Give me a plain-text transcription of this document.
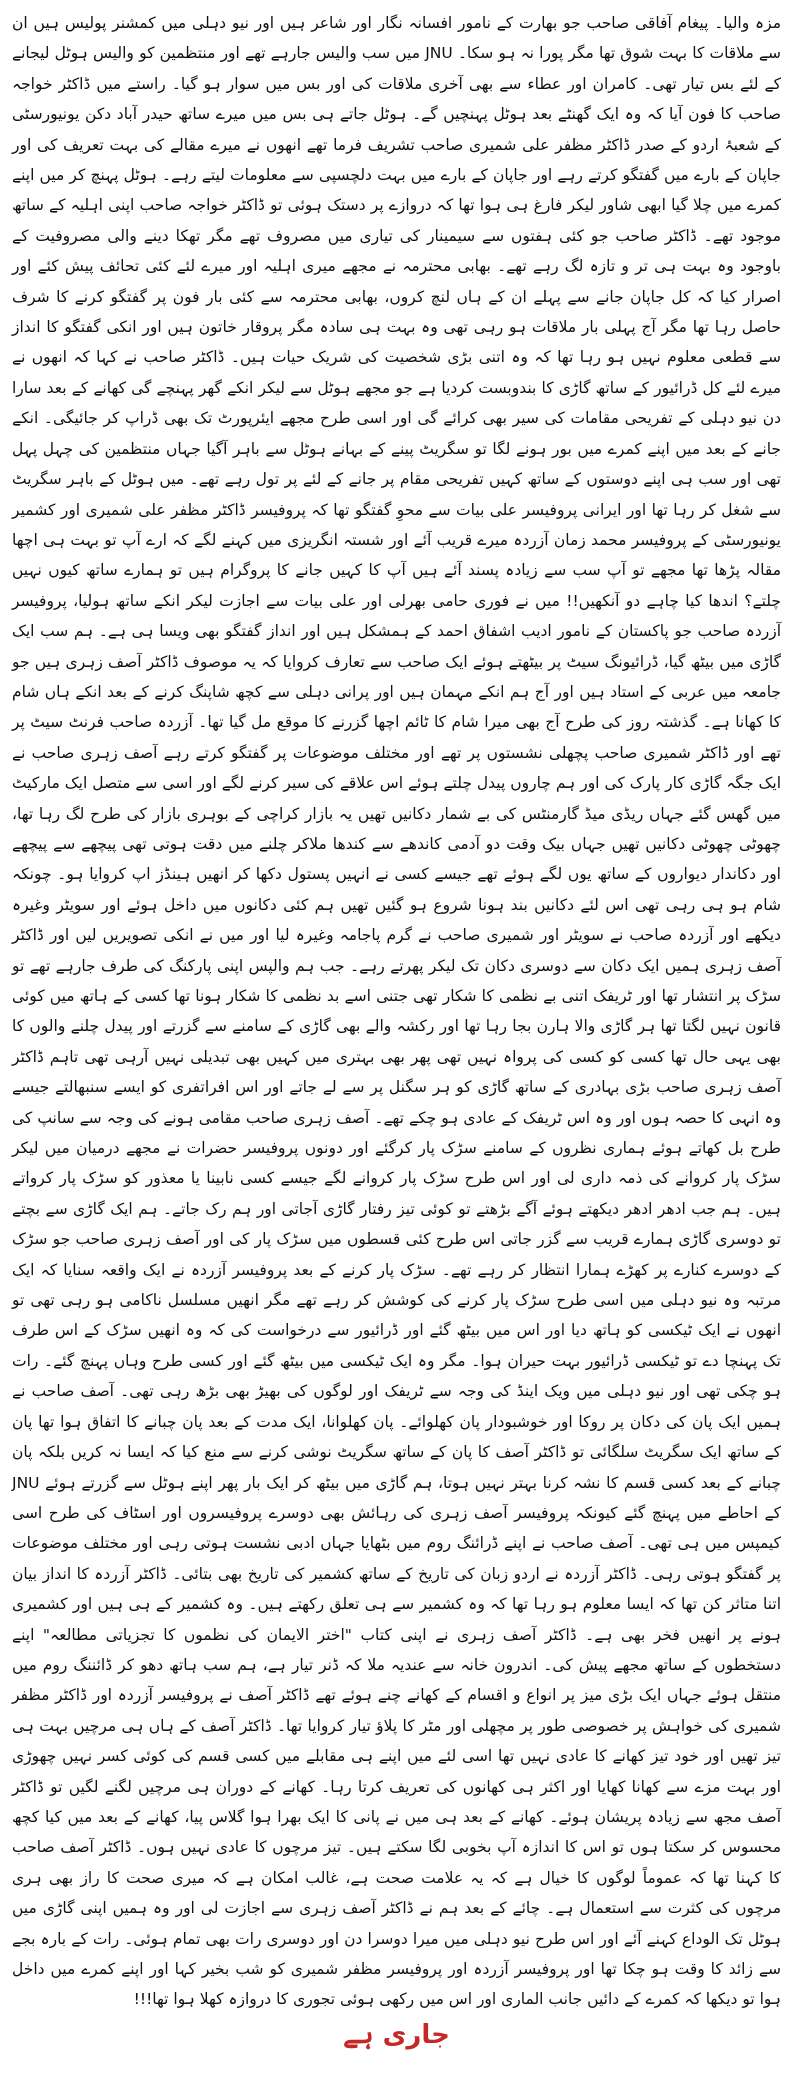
مزہ والیا۔ پیغام آفاقی صاحب جو بھارت کے نامور افسانہ نگار اور شاعر ہیں اور نیو دہلی میں کمشنر پولیس ہیں ان سے ملاقات کا بہت شوق تھا مگر پورا نہ ہو سکا۔ JNU میں سب والیس جارہے تھے اور منتظمین کو والیس ہوٹل لیجانے کے لئے بس تیار تھی۔ کامران اور عطاء سے بھی آخری ملاقات کی اور بس میں سوار ہو گیا۔ راستے میں ڈاکٹر خواجہ صاحب کا فون آیا کہ وہ ایک گھنٹے بعد ہوٹل پہنچیں گے۔ ہوٹل جاتے ہی بس میں میرے ساتھ حیدر آباد دکن یونیورسٹی کے شعبۂ اردو کے صدر ڈاکٹر مظفر علی شمیری صاحب تشریف فرما تھے انھوں نے میرے مقالے کی بہت تعریف کی اور جاپان کے بارے میں گفتگو کرتے رہے اور جاپان کے بارے میں بہت دلچسپی سے معلومات لیتے رہے۔ ہوٹل پہنچ کر میں اپنے کمرے میں چلا گیا ابھی شاور لیکر فارغ ہی ہوا تھا کہ دروازے پر دستک ہوئی تو ڈاکٹر خواجہ صاحب اپنی اہلیہ کے ساتھ موجود تھے۔ ڈاکٹر صاحب جو کئی ہفتوں سے سیمینار کی تیاری میں مصروف تھے مگر تھکا دینے والی مصروفیت کے باوجود وہ بہت ہی تر و تازہ لگ رہے تھے۔ بھابی محترمہ نے مجھے میری اہلیہ اور میرے لئے کئی تحائف پیش کئے اور اصرار کیا کہ کل جاپان جانے سے پہلے ان کے ہاں لنچ کروں، بھابی محترمہ سے کئی بار فون پر گفتگو کرنے کا شرف حاصل رہا تھا مگر آج پہلی بار ملاقات ہو رہی تھی وہ بہت ہی سادہ مگر پروقار خاتون ہیں اور انکی گفتگو کا انداز سے قطعی معلوم نہیں ہو رہا تھا کہ وہ اتنی بڑی شخصیت کی شریک حیات ہیں۔ ڈاکٹر صاحب نے کہا کہ انھوں نے میرے لئے کل ڈرائیور کے ساتھ گاڑی کا بندوبست کردیا ہے جو مجھے ہوٹل سے لیکر انکے گھر پہنچے گی کھانے کے بعد سارا دن نیو دہلی کے تفریحی مقامات کی سیر بھی کرائے گی اور اسی طرح مجھے ایئرپورٹ تک بھی ڈراپ کر جائیگی۔ انکے جانے کے بعد میں اپنے کمرے میں بور ہونے لگا تو سگریٹ پینے کے بہانے ہوٹل سے باہر آگیا جہاں منتظمین کی چہل پہل تھی اور سب ہی اپنے دوستوں کے ساتھ کہیں تفریحی مقام پر جانے کے لئے پر تول رہے تھے۔ میں ہوٹل کے باہر سگریٹ سے شغل کر رہا تھا اور ایرانی پروفیسر علی بیات سے محوِ گفتگو تھا کہ پروفیسر ڈاکٹر مظفر علی شمیری اور کشمیر یونیورسٹی کے پروفیسر محمد زمان آزردہ میرے قریب آئے اور شستہ انگریزی میں کہنے لگے کہ ارے آپ تو بہت ہی اچھا مقالہ پڑھا تھا مجھے تو آپ سب سے زیادہ پسند آئے ہیں آپ کا کہیں جانے کا پروگرام ہیں تو ہمارے ساتھ کیوں نہیں چلتے؟ اندھا کیا چاہے دو آنکھیں!! میں نے فوری حامی بھرلی اور علی بیات سے اجازت لیکر انکے ساتھ ہولیا، پروفیسر آزردہ صاحب جو پاکستان کے نامور ادیب اشفاق احمد کے ہمشکل ہیں اور انداز گفتگو بھی ویسا ہی ہے۔ ہم سب ایک گاڑی میں بیٹھ گیا، ڈرائیونگ سیٹ پر بیٹھتے ہوئے ایک صاحب سے تعارف کروایا کہ یہ موصوف ڈاکٹر آصف زہری ہیں جو جامعہ میں عربی کے استاد ہیں اور آج ہم انکے مہمان ہیں اور پرانی دہلی سے کچھ شاپنگ کرنے کے بعد انکے ہاں شام کا کھانا ہے۔ گذشتہ روز کی طرح آج بھی میرا شام کا ٹائم اچھا گزرنے کا موقع مل گیا تھا۔ آزردہ صاحب فرنٹ سیٹ پر تھے اور ڈاکٹر شمیری صاحب پچھلی نشستوں پر تھے اور مختلف موضوعات پر گفتگو کرتے رہے آصف زہری صاحب نے ایک جگہ گاڑی کار پارک کی اور ہم چاروں پیدل چلتے ہوئے اس علاقے کی سیر کرنے لگے اور اسی سے متصل ایک مارکیٹ میں گھس گئے جہاں ریڈی میڈ گارمنٹس کی بے شمار دکانیں تھیں یہ بازار کراچی کے بوہری بازار کی طرح لگ رہا تھا، چھوٹی چھوٹی دکانیں تھیں جہاں بیک وقت دو آدمی کاندھے سے کندھا ملاکر چلنے میں دقت ہوتی تھی پیچھے سے پیچھے اور دکاندار دیواروں کے ساتھ یوں لگے ہوئے تھے جیسے کسی نے انہیں پستول دکھا کر انھیں ہینڈز اپ کروایا ہو۔ چونکہ شام ہو ہی رہی تھی اس لئے دکانیں بند ہونا شروع ہو گئیں تھیں ہم کئی دکانوں میں داخل ہوئے اور سویٹر وغیرہ دیکھے اور آزردہ صاحب نے سویٹر اور شمیری صاحب نے گرم پاجامہ وغیرہ لیا اور میں نے انکی تصویریں لیں اور ڈاکٹر آصف زہری ہمیں ایک دکان سے دوسری دکان تک لیکر پھرتے رہے۔ جب ہم والپس اپنی پارکنگ کی طرف جارہے تھے تو سڑک پر انتشار تھا اور ٹریفک اتنی بے نظمی کا شکار تھی جتنی اسے بد نظمی کا شکار ہونا تھا کسی کے ہاتھ میں کوئی قانون نہیں لگتا تھا ہر گاڑی والا ہارن بجا رہا تھا اور رکشہ والے بھی گاڑی کے سامنے سے گزرتے اور پیدل چلنے والوں کا بھی یہی حال تھا کسی کو کسی کی پرواہ نہیں تھی پھر بھی بہتری میں کہیں بھی تبدیلی نہیں آرہی تھی تاہم ڈاکٹر آصف زہری صاحب بڑی بہادری کے ساتھ گاڑی کو ہر سگنل پر سے لے جاتے اور اس افراتفری کو ایسے سنبھالتے جیسے وہ انہی کا حصہ ہوں اور وہ اس ٹریفک کے عادی ہو چکے تھے۔ آصف زہری صاحب مقامی ہونے کی وجہ سے سانپ کی طرح بل کھاتے ہوئے ہماری نظروں کے سامنے سڑک پار کرگئے اور دونوں پروفیسر حضرات نے مجھے درمیان میں لیکر سڑک پار کروانے کی ذمہ داری لی اور اس طرح سڑک پار کروانے لگے جیسے کسی نابینا یا معذور کو سڑک پار کرواتے ہیں۔ ہم جب ادھر ادھر دیکھتے ہوئے آگے بڑھتے تو کوئی تیز رفتار گاڑی آجاتی اور ہم رک جاتے۔ ہم ایک گاڑی سے بچتے تو دوسری گاڑی ہمارے قریب سے گزر جاتی اس طرح کئی قسطوں میں سڑک پار کی اور آصف زہری صاحب جو سڑک کے دوسرے کنارے پر کھڑے ہمارا انتظار کر رہے تھے۔ سڑک پار کرنے کے بعد پروفیسر آزردہ نے ایک واقعہ سنایا کہ ایک مرتبہ وہ نیو دہلی میں اسی طرح سڑک پار کرنے کی کوشش کر رہے تھے مگر انھیں مسلسل ناکامی ہو رہی تھی تو انھوں نے ایک ٹیکسی کو ہاتھ دیا اور اس میں بیٹھ گئے اور ڈرائیور سے درخواست کی کہ وہ انھیں سڑک کے اس طرف تک پہنچا دے تو ٹیکسی ڈرائیور بہت حیران ہوا۔ مگر وہ ایک ٹیکسی میں بیٹھ گئے اور کسی طرح وہاں پہنچ گئے۔ رات ہو چکی تھی اور نیو دہلی میں ویک اینڈ کی وجہ سے ٹریفک اور لوگوں کی بھیڑ بھی بڑھ رہی تھی۔ آصف صاحب نے ہمیں ایک پان کی دکان پر روکا اور خوشبودار پان کھلوائے۔ پان کھلوانا، ایک مدت کے بعد پان چبانے کا اتفاق ہوا تھا پان کے ساتھ ایک سگریٹ سلگائی تو ڈاکٹر آصف کا پان کے ساتھ سگریٹ نوشی کرنے سے منع کیا کہ ایسا نہ کریں بلکہ پان چبانے کے بعد کسی قسم کا نشہ کرنا بہتر نہیں ہوتا، ہم گاڑی میں بیٹھ کر ایک بار پھر اپنے ہوٹل سے گزرتے ہوئے JNU کے احاطے میں پہنچ گئے کیونکہ پروفیسر آصف زہری کی رہائش بھی دوسرے پروفیسروں اور اسٹاف کی طرح اسی کیمپس میں ہی تھی۔ آصف صاحب نے اپنے ڈرائنگ روم میں بٹھایا جہاں ادبی نشست ہوتی رہی اور مختلف موضوعات پر گفتگو ہوتی رہی۔ ڈاکٹر آزردہ نے اردو زبان کی تاریخ کے ساتھ کشمیر کی تاریخ بھی بتائی۔ ڈاکٹر آزردہ کا انداز بیان اتنا متاثر کن تھا کہ ایسا معلوم ہو رہا تھا کہ وہ کشمیر سے ہی تعلق رکھتے ہیں۔ وہ کشمیر کے ہی ہیں اور کشمیری ہونے پر انھیں فخر بھی ہے۔ ڈاکٹر آصف زہری نے اپنی کتاب "اختر الایمان کی نظموں کا تجزیاتی مطالعہ" اپنے دستخطوں کے ساتھ مجھے پیش کی۔ اندرون خانہ سے عندیہ ملا کہ ڈنر تیار ہے، ہم سب ہاتھ دھو کر ڈائننگ روم میں منتقل ہوئے جہاں ایک بڑی میز پر انواع و اقسام کے کھانے چنے ہوئے تھے ڈاکٹر آصف نے پروفیسر آزردہ اور ڈاکٹر مظفر شمیری کی خواہش پر خصوصی طور پر مچھلی اور مٹر کا پلاؤ تیار کروایا تھا۔ ڈاکٹر آصف کے ہاں ہی مرچیں بہت ہی تیز تھیں اور خود تیز کھانے کا عادی نہیں تھا اسی لئے میں اپنے ہی مقابلے میں کسی قسم کی کوئی کسر نہیں چھوڑی اور بہت مزے سے کھانا کھایا اور اکثر ہی کھانوں کی تعریف کرتا رہا۔ کھانے کے دوران ہی مرچیں لگنے لگیں تو ڈاکٹر آصف مجھ سے زیادہ پریشان ہوئے۔ کھانے کے بعد ہی میں نے پانی کا ایک بھرا ہوا گلاس پیا، کھانے کے بعد میں کیا کچھ محسوس کر سکتا ہوں تو اس کا اندازہ آپ بخوبی لگا سکتے ہیں۔ تیز مرچوں کا عادی نہیں ہوں۔ ڈاکٹر آصف صاحب کا کہنا تھا کہ عموماً لوگوں کا خیال ہے کہ یہ علامت صحت ہے، غالب امکان ہے کہ میری صحت کا راز بھی ہری مرچوں کی کثرت سے استعمال ہے۔ چائے کے بعد ہم نے ڈاکٹر آصف زہری سے اجازت لی اور وہ ہمیں اپنی گاڑی میں ہوٹل تک الوداع کہنے آئے اور اس طرح نیو دہلی میں میرا دوسرا دن اور دوسری رات بھی تمام ہوئی۔ رات کے بارہ بجے سے زائد کا وقت ہو چکا تھا اور پروفیسر آزردہ اور پروفیسر مظفر شمیری کو شب بخیر کہا اور اپنے کمرے میں داخل ہوا تو دیکھا کہ کمرے کے دائیں جانب الماری اور اس میں رکھی ہوئی تجوری کا دروازہ کھلا ہوا تھا!!!

جاری ہے
